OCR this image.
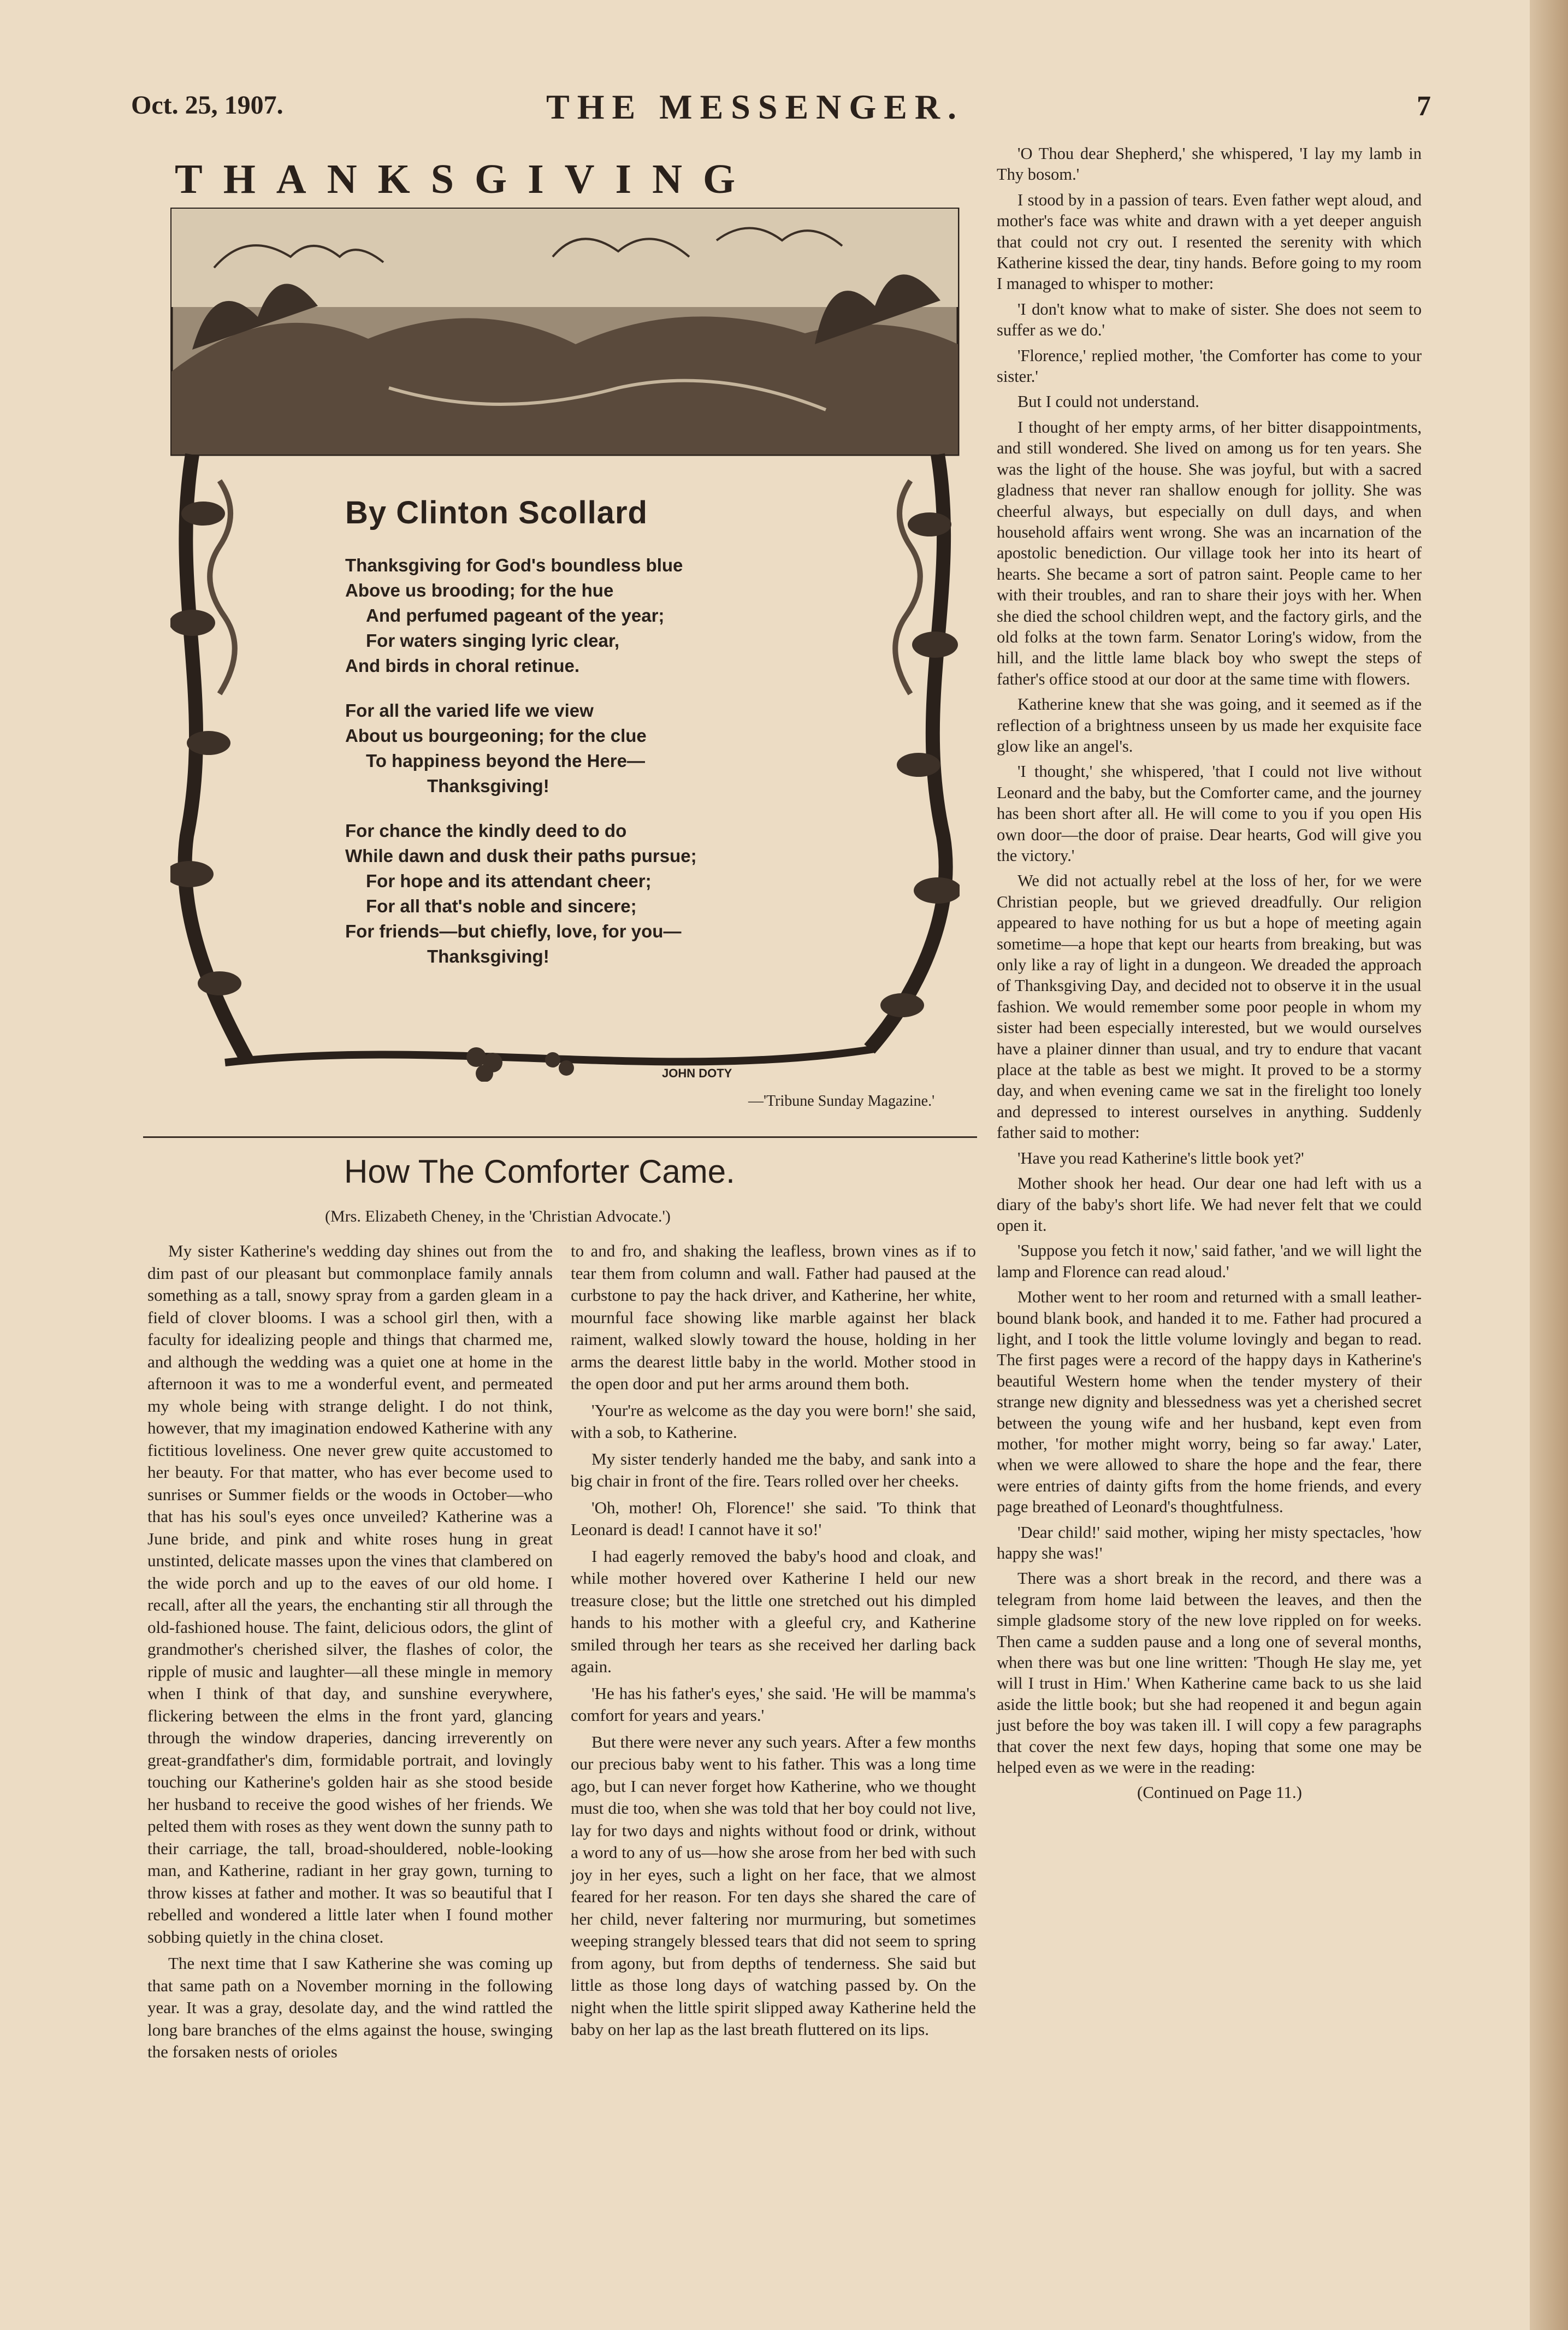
Oct. 25, 1907.	THE MESSENGER.	7
THANKSGIVING
JOHN DOTY
By Clinton Scollard
Thanksgiving for God's boundless blue
Above us brooding; for the hue
And perfumed pageant of the year;
For waters singing lyric clear,
And birds in choral retinue.
For all the varied life we view
About us bourgeoning; for the clue
To happiness beyond the Here—
Thanksgiving!
For chance the kindly deed to do
While dawn and dusk their paths pursue;
For hope and its attendant cheer;
For all that's noble and sincere;
For friends—but chiefly, love, for you—
Thanksgiving!
—'Tribune Sunday Magazine.'
How The Comforter Came.
(Mrs. Elizabeth Cheney, in the 'Christian Advocate.')

My sister Katherine's wedding day shines out from the dim past of our pleasant but commonplace family annals something as a tall, snowy spray from a garden gleam in a field of clover blooms. I was a school girl then, with a faculty for idealizing people and things that charmed me, and although the wedding was a quiet one at home in the afternoon it was to me a wonderful event, and permeated my whole being with strange delight. I do not think, however, that my imagination endowed Katherine with any fictitious loveliness. One never grew quite accustomed to her beauty. For that matter, who has ever become used to sunrises or Summer fields or the woods in October—who that has his soul's eyes once unveiled? Katherine was a June bride, and pink and white roses hung in great unstinted, delicate masses upon the vines that clambered on the wide porch and up to the eaves of our old home. I recall, after all the years, the enchanting stir all through the old-fashioned house. The faint, delicious odors, the glint of grandmother's cherished silver, the flashes of color, the ripple of music and laughter—all these mingle in memory when I think of that day, and sunshine everywhere, flickering between the elms in the front yard, glancing through the window draperies, dancing irreverently on great-grandfather's dim, formidable portrait, and lovingly touching our Katherine's golden hair as she stood beside her husband to receive the good wishes of her friends. We pelted them with roses as they went down the sunny path to their carriage, the tall, broad-shouldered, noble-looking man, and Katherine, radiant in her gray gown, turning to throw kisses at father and mother. It was so beautiful that I rebelled and wondered a little later when I found mother sobbing quietly in the china closet.

The next time that I saw Katherine she was coming up that same path on a November morning in the following year. It was a gray, desolate day, and the wind rattled the long bare branches of the elms against the house, swinging the forsaken nests of orioles

to and fro, and shaking the leafless, brown vines as if to tear them from column and wall. Father had paused at the curbstone to pay the hack driver, and Katherine, her white, mournful face showing like marble against her black raiment, walked slowly toward the house, holding in her arms the dearest little baby in the world. Mother stood in the open door and put her arms around them both.

'Your're as welcome as the day you were born!' she said, with a sob, to Katherine.

My sister tenderly handed me the baby, and sank into a big chair in front of the fire. Tears rolled over her cheeks.

'Oh, mother! Oh, Florence!' she said. 'To think that Leonard is dead! I cannot have it so!'

I had eagerly removed the baby's hood and cloak, and while mother hovered over Katherine I held our new treasure close; but the little one stretched out his dimpled hands to his mother with a gleeful cry, and Katherine smiled through her tears as she received her darling back again.

'He has his father's eyes,' she said. 'He will be mamma's comfort for years and years.'

But there were never any such years. After a few months our precious baby went to his father. This was a long time ago, but I can never forget how Katherine, who we thought must die too, when she was told that her boy could not live, lay for two days and nights without food or drink, without a word to any of us—how she arose from her bed with such joy in her eyes, such a light on her face, that we almost feared for her reason. For ten days she shared the care of her child, never faltering nor murmuring, but sometimes weeping strangely blessed tears that did not seem to spring from agony, but from depths of tenderness. She said but little as those long days of watching passed by. On the night when the little spirit slipped away Katherine held the baby on her lap as the last breath fluttered on its lips.

'O Thou dear Shepherd,' she whispered, 'I lay my lamb in Thy bosom.'

I stood by in a passion of tears. Even father wept aloud, and mother's face was white and drawn with a yet deeper anguish that could not cry out. I resented the serenity with which Katherine kissed the dear, tiny hands. Before going to my room I managed to whisper to mother:

'I don't know what to make of sister. She does not seem to suffer as we do.'

'Florence,' replied mother, 'the Comforter has come to your sister.'

But I could not understand.

I thought of her empty arms, of her bitter disappointments, and still wondered. She lived on among us for ten years. She was the light of the house. She was joyful, but with a sacred gladness that never ran shallow enough for jollity. She was cheerful always, but especially on dull days, and when household affairs went wrong. She was an incarnation of the apostolic benediction. Our village took her into its heart of hearts. She became a sort of patron saint. People came to her with their troubles, and ran to share their joys with her. When she died the school children wept, and the factory girls, and the old folks at the town farm. Senator Loring's widow, from the hill, and the little lame black boy who swept the steps of father's office stood at our door at the same time with flowers.

Katherine knew that she was going, and it seemed as if the reflection of a brightness unseen by us made her exquisite face glow like an angel's.

'I thought,' she whispered, 'that I could not live without Leonard and the baby, but the Comforter came, and the journey has been short after all. He will come to you if you open His own door—the door of praise. Dear hearts, God will give you the victory.'

We did not actually rebel at the loss of her, for we were Christian people, but we grieved dreadfully. Our religion appeared to have nothing for us but a hope of meeting again sometime—a hope that kept our hearts from breaking, but was only like a ray of light in a dungeon. We dreaded the approach of Thanksgiving Day, and decided not to observe it in the usual fashion. We would remember some poor people in whom my sister had been especially interested, but we would ourselves have a plainer dinner than usual, and try to endure that vacant place at the table as best we might. It proved to be a stormy day, and when evening came we sat in the firelight too lonely and depressed to interest ourselves in anything. Suddenly father said to mother:

'Have you read Katherine's little book yet?'

Mother shook her head. Our dear one had left with us a diary of the baby's short life. We had never felt that we could open it.

'Suppose you fetch it now,' said father, 'and we will light the lamp and Florence can read aloud.'

Mother went to her room and returned with a small leather-bound blank book, and handed it to me. Father had procured a light, and I took the little volume lovingly and began to read. The first pages were a record of the happy days in Katherine's beautiful Western home when the tender mystery of their strange new dignity and blessedness was yet a cherished secret between the young wife and her husband, kept even from mother, 'for mother might worry, being so far away.' Later, when we were allowed to share the hope and the fear, there were entries of dainty gifts from the home friends, and every page breathed of Leonard's thoughtfulness.

'Dear child!' said mother, wiping her misty spectacles, 'how happy she was!'

There was a short break in the record, and there was a telegram from home laid between the leaves, and then the simple gladsome story of the new love rippled on for weeks. Then came a sudden pause and a long one of several months, when there was but one line written: 'Though He slay me, yet will I trust in Him.' When Katherine came back to us she laid aside the little book; but she had reopened it and begun again just before the boy was taken ill. I will copy a few paragraphs that cover the next few days, hoping that some one may be helped even as we were in the reading:

(Continued on Page 11.)
